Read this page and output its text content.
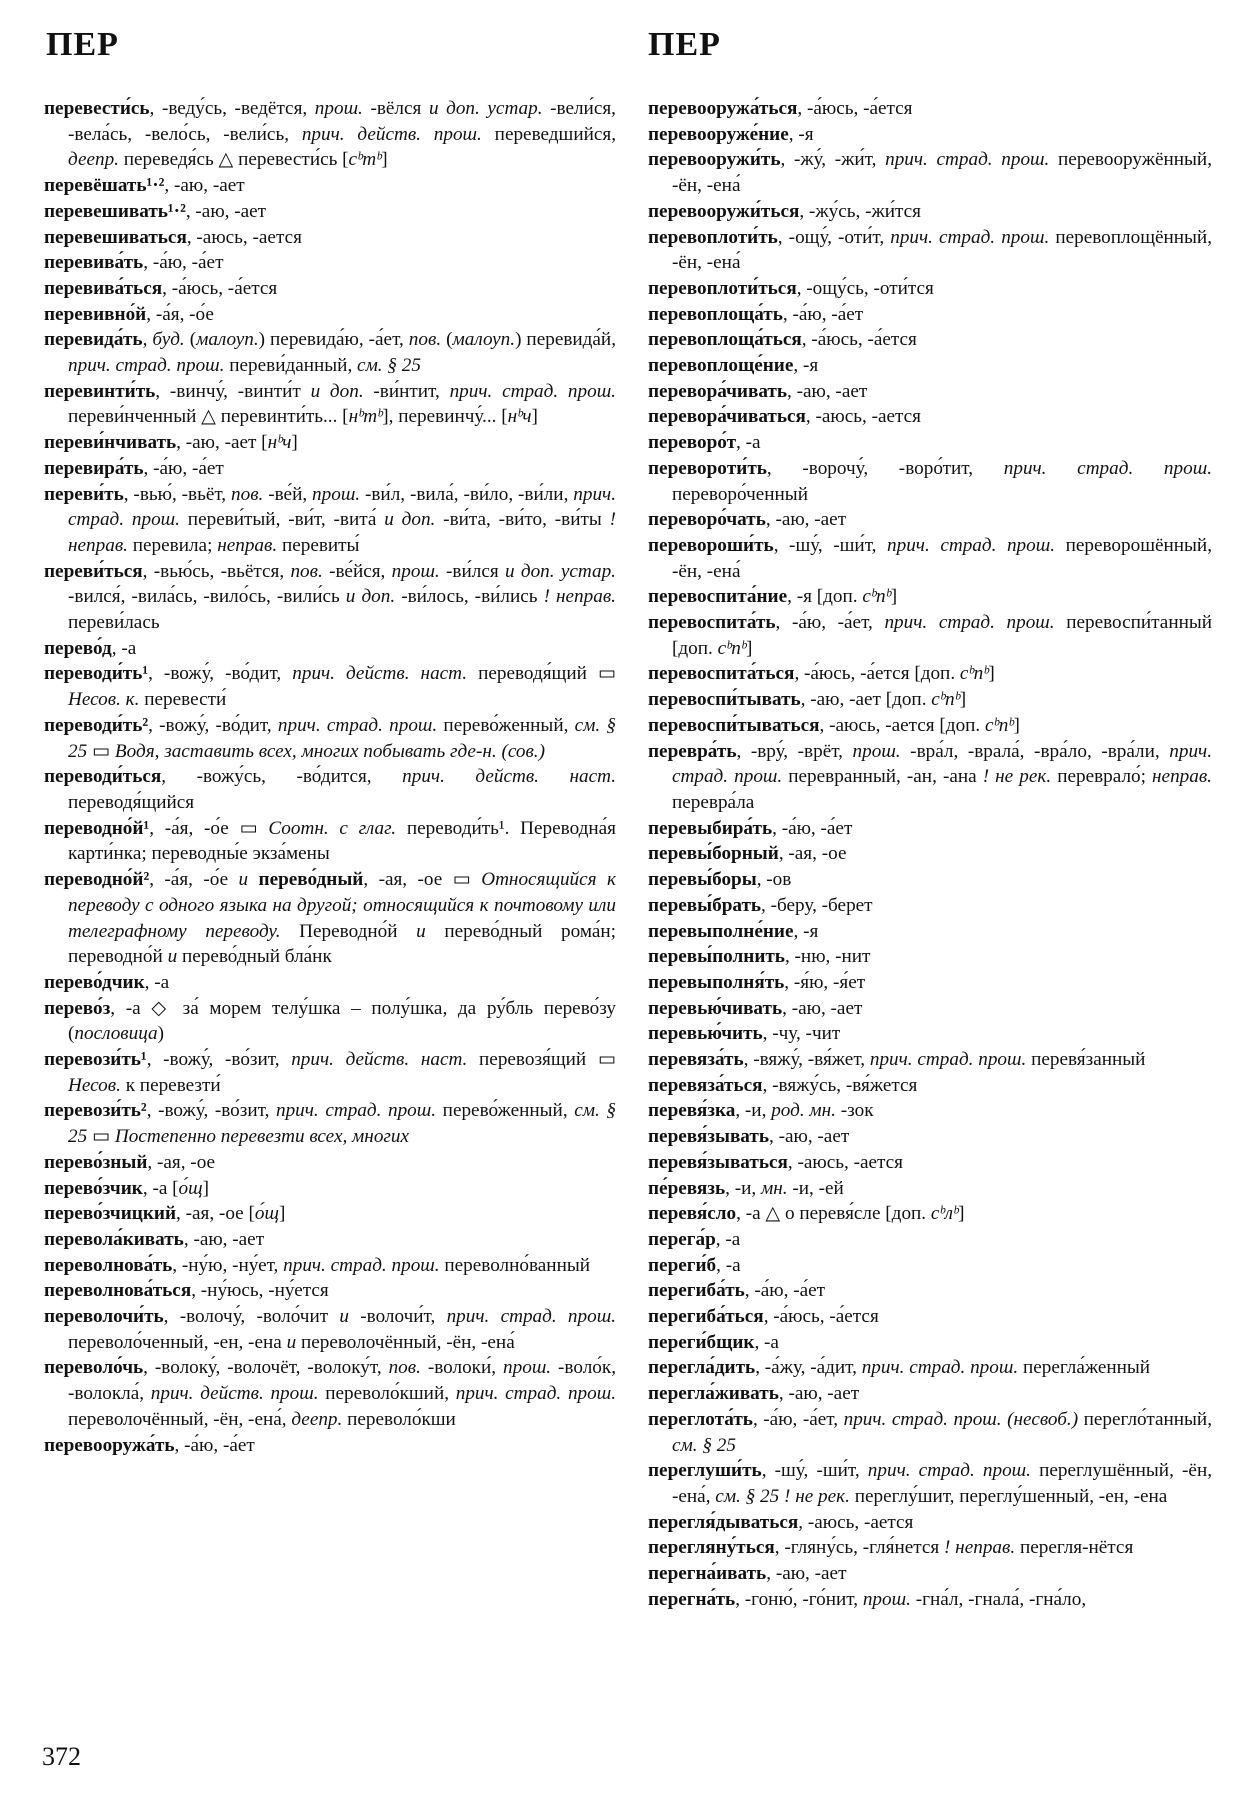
ПЕР	ПЕР

перевести́сь, -веду́сь, -ведётся, прош. -вёлся и доп. устар. -вели́ся, -вела́сь, -вело́сь, -вели́сь, прич. действ. прош. переведшийся, деепр. переведя́сь △ перевести́сь [сᵇтᵇ]

перевёшать¹·², -аю, -ает

перевешивать¹·², -аю, -ает

перевешиваться, -аюсь, -ается

перевива́ть, -а́ю, -а́ет

перевива́ться, -а́юсь, -а́ется

перевивно́й, -а́я, -о́е

перевида́ть, буд. (малоуп.) перевида́ю, -а́ет, пов. (малоуп.) перевида́й, прич. страд. прош. переви́данный, см. § 25

перевинти́ть, -винчу́, -винти́т и доп. -ви́нтит, прич. страд. прош. переви́нченный △ перевинти́ть... [нᵇтᵇ], перевинчу́... [нᵇч]

переви́нчивать, -аю, -ает [нᵇч]

перевира́ть, -а́ю, -а́ет

переви́ть, -вью́, -вьёт, пов. -ве́й, прош. -ви́л, -вила́, -ви́ло, -ви́ли, прич. страд. прош. переви́тый, -ви́т, -вита́ и доп. -ви́та, -ви́то, -ви́ты ! неправ. перевила; неправ. перевиты́

переви́ться, -вью́сь, -вьётся, пов. -ве́йся, прош. -ви́лся и доп. устар. -вился́, -вила́сь, -вило́сь, -вили́сь и доп. -ви́лось, -ви́лись ! неправ. переви́лась

перево́д, -а

переводи́ть¹, -вожу́, -во́дит, прич. действ. наст. переводя́щий ▭ Несов. к. перевести́

переводи́ть², -вожу́, -во́дит, прич. страд. прош. перево́женный, см. § 25 ▭ Водя, заставить всех, многих побывать где-н. (сов.)

переводи́ться, -вожу́сь, -во́дится, прич. действ. наст. переводя́щийся

переводно́й¹, -а́я, -о́е ▭ Соотн. с глаг. переводи́ть¹. Переводна́я карти́нка; переводны́е экза́мены

переводно́й², -а́я, -о́е и перево́дный, -ая, -ое ▭ Относящийся к переводу с одного языка на другой; относящийся к почтовому или телеграфному переводу. Переводно́й и перево́дный рома́н; переводно́й и перево́дный бла́нк

перево́дчик, -а

перево́з, -а ◇ за́ морем телу́шка – полу́шка, да ру́бль перево́зу (пословица)

перевози́ть¹, -вожу́, -во́зит, прич. действ. наст. перевозя́щий ▭ Несов. к перевезти́

перевози́ть², -вожу́, -во́зит, прич. страд. прош. перево́женный, см. § 25 ▭ Постепенно перевезти всех, многих

перево́зный, -ая, -ое

перево́зчик, -а [о́щ]

перево́зчицкий, -ая, -ое [о́щ]

перевола́кивать, -аю, -ает

переволнова́ть, -ну́ю, -ну́ет, прич. страд. прош. переволно́ванный

переволнова́ться, -ну́юсь, -ну́ется

переволочи́ть, -волочу́, -воло́чит и -волочи́т, прич. страд. прош. переволо́ченный, -ен, -ена и переволочённый, -ён, -ена́

переволо́чь, -волоку́, -волочёт, -волоку́т, пов. -волоки́, прош. -воло́к, -волокла́, прич. действ. прош. переволо́кший, прич. страд. прош. переволочённый, -ён, -ена́, деепр. переволо́кши

перевооружа́ть, -а́ю, -а́ет

перевооружа́ться, -а́юсь, -а́ется

перевооруже́ние, -я

перевооружи́ть, -жу́, -жи́т, прич. страд. прош. перевооружённый, -ён, -ена́

перевооружи́ться, -жу́сь, -жи́тся

перевоплоти́ть, -ощу́, -оти́т, прич. страд. прош. перевоплощённый, -ён, -ена́

перевоплоти́ться, -ощу́сь, -оти́тся

перевоплоща́ть, -а́ю, -а́ет

перевоплоща́ться, -а́юсь, -а́ется

перевоплоще́ние, -я

перевора́чивать, -аю, -ает

перевора́чиваться, -аюсь, -ается

переворо́т, -а

переворoти́ть, -ворочу́, -воро́тит, прич. страд. прош. переворо́ченный

переворо́чать, -аю, -ает

перевороши́ть, -шу́, -ши́т, прич. страд. прош. переворошённый, -ён, -ена́

перевоспита́ние, -я [доп. сᵇпᵇ]

перевоспита́ть, -а́ю, -а́ет, прич. страд. прош. перевоспи́танный [доп. сᵇпᵇ]

перевоспита́ться, -а́юсь, -а́ется [доп. сᵇпᵇ]

перевоспи́тывать, -аю, -ает [доп. сᵇпᵇ]

перевоспи́тываться, -аюсь, -ается [доп. сᵇпᵇ]

перевра́ть, -вру́, -врёт, прош. -вра́л, -врала́, -вра́ло, -вра́ли, прич. страд. прош. перевранный, -ан, -ана ! не рек. переврало́; неправ. перевра́ла

перевыбира́ть, -а́ю, -а́ет

перевы́борный, -ая, -ое

перевы́боры, -ов

перевы́брать, -беру, -берет

перевыполне́ние, -я

перевы́полнить, -ню, -нит

перевыполня́ть, -я́ю, -я́ет

перевью́чивать, -аю, -ает

перевью́чить, -чу, -чит

перевяза́ть, -вяжу́, -вя́жет, прич. страд. прош. перевя́занный

перевяза́ться, -вяжу́сь, -вя́жется

перевя́зка, -и, род. мн. -зок

перевя́зывать, -аю, -ает

перевя́зываться, -аюсь, -ается

пе́ревязь, -и, мн. -и, -ей

перевя́сло, -а △ о перевя́сле [доп. сᵇлᵇ]

перега́р, -а

переги́б, -а

перегиба́ть, -а́ю, -а́ет

перегиба́ться, -а́юсь, -а́ется

переги́бщик, -а

перегла́дить, -а́жу, -а́дит, прич. страд. прош. перегла́женный

перегла́живать, -аю, -ает

переглота́ть, -а́ю, -а́ет, прич. страд. прош. (несвоб.) перегло́танный, см. § 25

переглуши́ть, -шу́, -ши́т, прич. страд. прош. переглушённый, -ён, -ена́, см. § 25 ! не рек. переглу́шит, переглу́шенный, -ен, -ена

перегля́дываться, -аюсь, -ается

перегляну́ться, -гляну́сь, -гля́нется ! неправ. перегля-нётся

перегна́ивать, -аю, -ает

перегна́ть, -гоню́, -го́нит, прош. -гна́л, -гнала́, -гна́ло,

372
